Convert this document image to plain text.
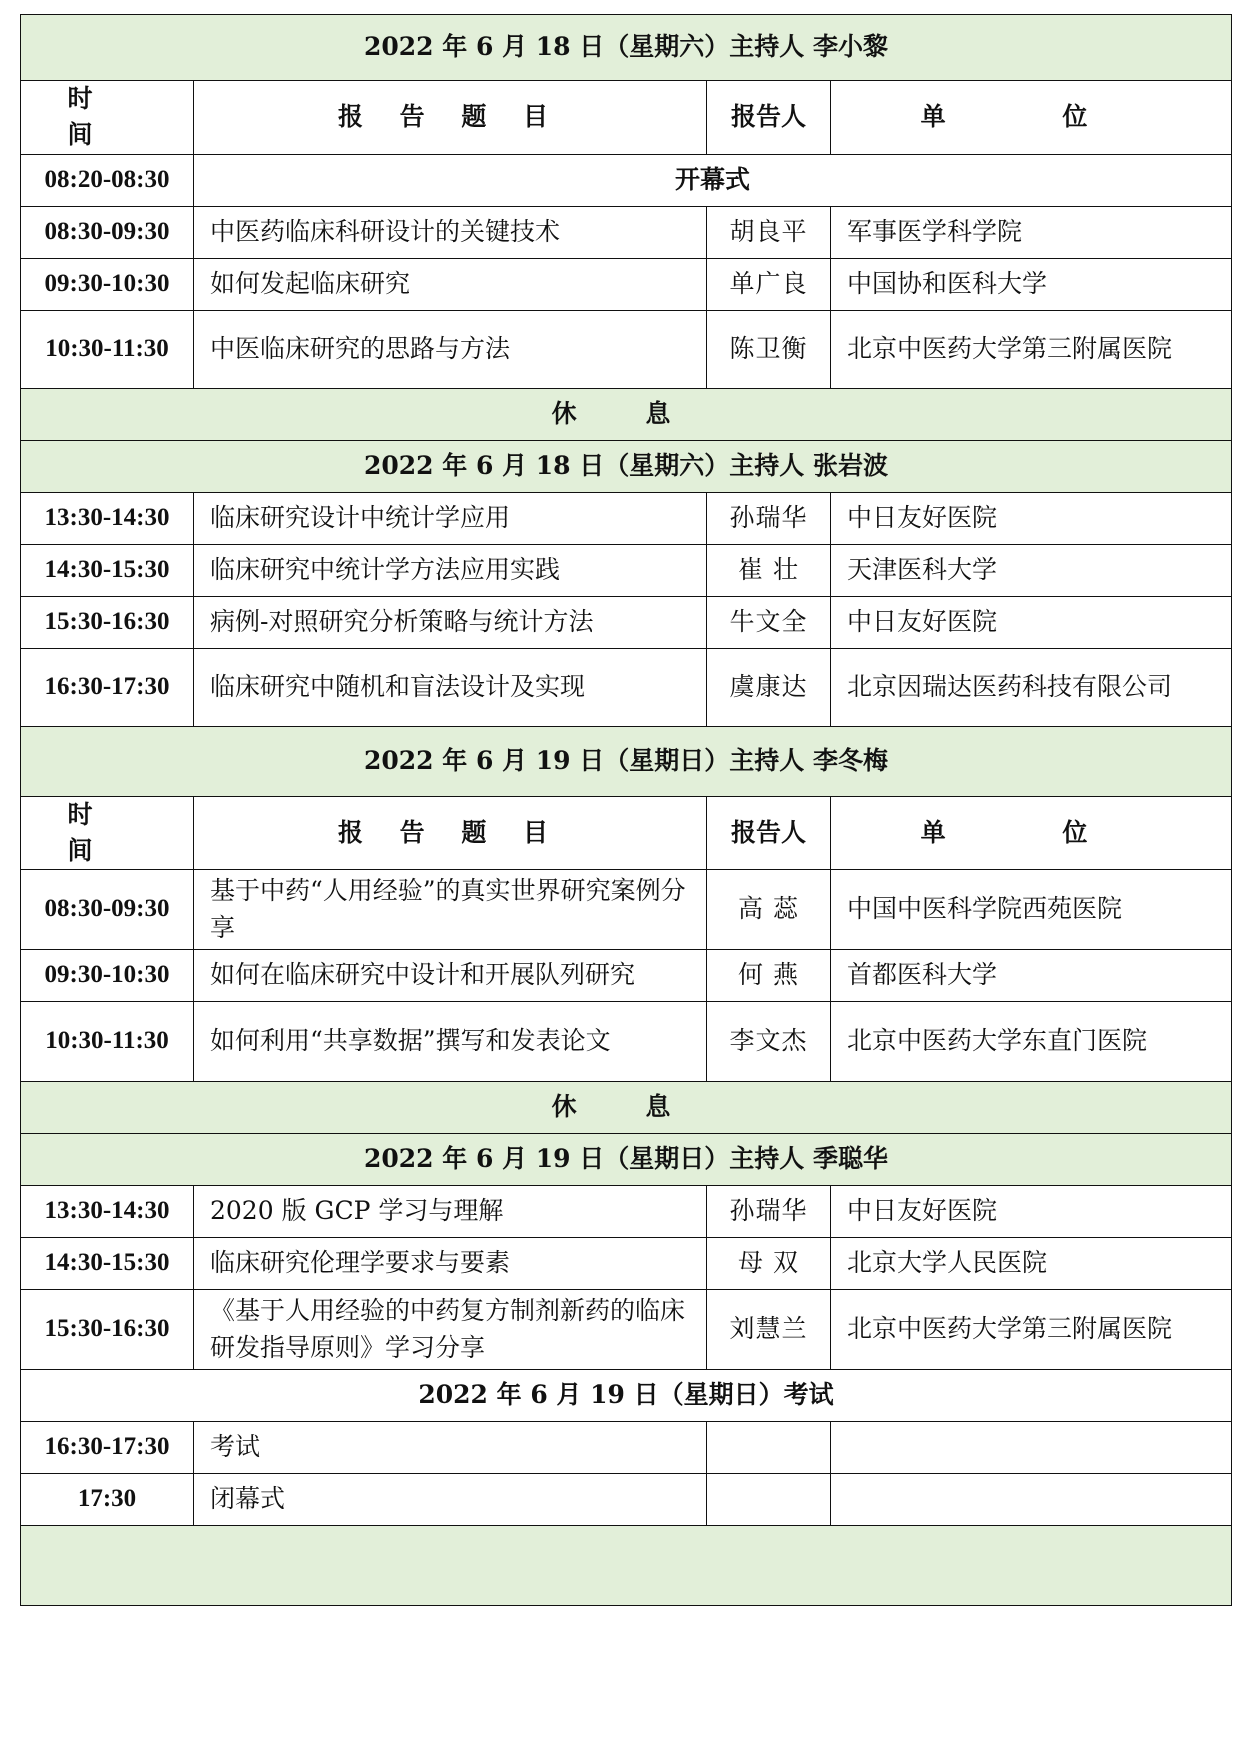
2022 年 6 月 18 日（星期六）主持人 李小黎			
时 间	报 告 题 目	报告人	单 位
08:20-08:30	开幕式		
08:30-09:30	中医药临床科研设计的关键技术	胡良平	军事医学科学院
09:30-10:30	如何发起临床研究	单广良	中国协和医科大学
10:30-11:30	中医临床研究的思路与方法	陈卫衡	北京中医药大学第三附属医院
休 息			
2022 年 6 月 18 日（星期六）主持人 张岩波			
13:30-14:30	临床研究设计中统计学应用	孙瑞华	中日友好医院
14:30-15:30	临床研究中统计学方法应用实践	崔 壮	天津医科大学
15:30-16:30	病例-对照研究分析策略与统计方法	牛文全	中日友好医院
16:30-17:30	临床研究中随机和盲法设计及实现	虞康达	北京因瑞达医药科技有限公司
2022 年 6 月 19 日（星期日）主持人 李冬梅			
时 间	报 告 题 目	报告人	单 位
08:30-09:30	基于中药“人用经验”的真实世界研究案例分享	高 蕊	中国中医科学院西苑医院
09:30-10:30	如何在临床研究中设计和开展队列研究	何 燕	首都医科大学
10:30-11:30	如何利用“共享数据”撰写和发表论文	李文杰	北京中医药大学东直门医院
休 息			
2022 年 6 月 19 日（星期日）主持人 季聪华			
13:30-14:30	2020 版 GCP 学习与理解	孙瑞华	中日友好医院
14:30-15:30	临床研究伦理学要求与要素	母 双	北京大学人民医院
15:30-16:30	《基于人用经验的中药复方制剂新药的临床研发指导原则》学习分享	刘慧兰	北京中医药大学第三附属医院
2022 年 6 月 19 日（星期日）考试			
16:30-17:30	考试		
17:30	闭幕式		
